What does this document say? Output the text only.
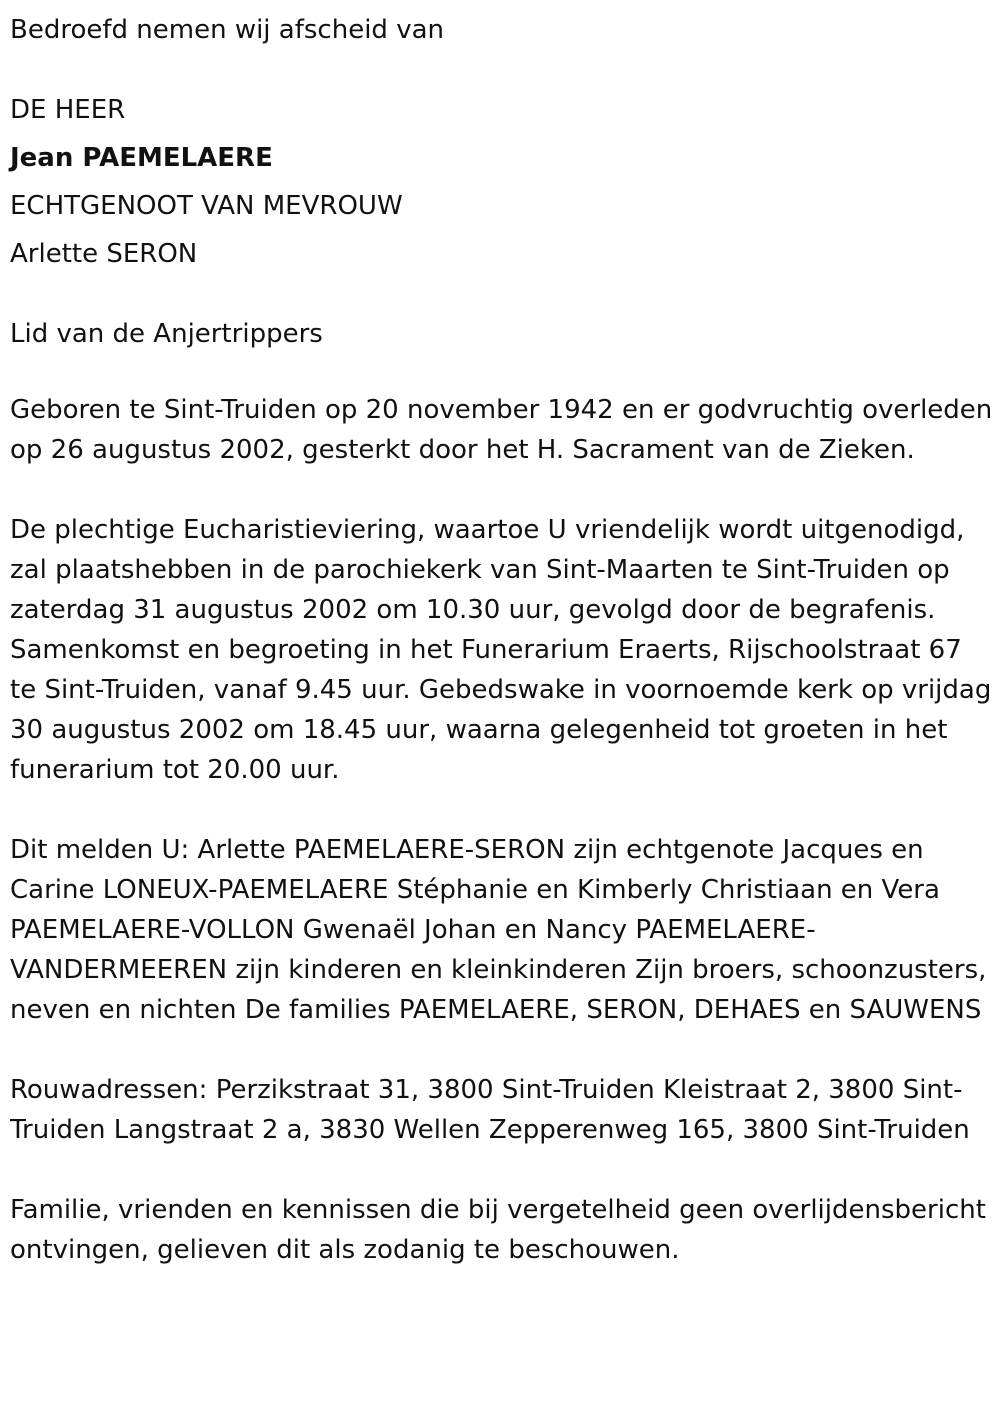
Bedroefd nemen wij afscheid van

DE HEER

Jean PAEMELAERE

ECHTGENOOT VAN MEVROUW

Arlette SERON

Lid van de Anjertrippers

Geboren te Sint-Truiden op 20 november 1942 en er godvruchtig overleden op 26 augustus 2002, gesterkt door het H. Sacrament van de Zieken.

De plechtige Eucharistieviering, waartoe U vriendelijk wordt uitgenodigd, zal plaatshebben in de parochiekerk van Sint-Maarten te Sint-Truiden op zaterdag 31 augustus 2002 om 10.30 uur, gevolgd door de begrafenis. Samenkomst en begroeting in het Funerarium Eraerts, Rijschoolstraat 67 te Sint-Truiden, vanaf 9.45 uur. Gebedswake in voornoemde kerk op vrijdag 30 augustus 2002 om 18.45 uur, waarna gelegenheid tot groeten in het funerarium tot 20.00 uur.

Dit melden U: Arlette PAEMELAERE-SERON zijn echtgenote Jacques en Carine LONEUX-PAEMELAERE Stéphanie en Kimberly Christiaan en Vera PAEMELAERE-VOLLON Gwenaël Johan en Nancy PAEMELAERE-VANDERMEEREN zijn kinderen en kleinkinderen Zijn broers, schoonzusters, neven en nichten De families PAEMELAERE, SERON, DEHAES en SAUWENS

Rouwadressen: Perzikstraat 31, 3800 Sint-Truiden Kleistraat 2, 3800 Sint-Truiden Langstraat 2 a, 3830 Wellen Zepperenweg 165, 3800 Sint-Truiden

Familie, vrienden en kennissen die bij vergetelheid geen overlijdensbericht ontvingen, gelieven dit als zodanig te beschouwen.
